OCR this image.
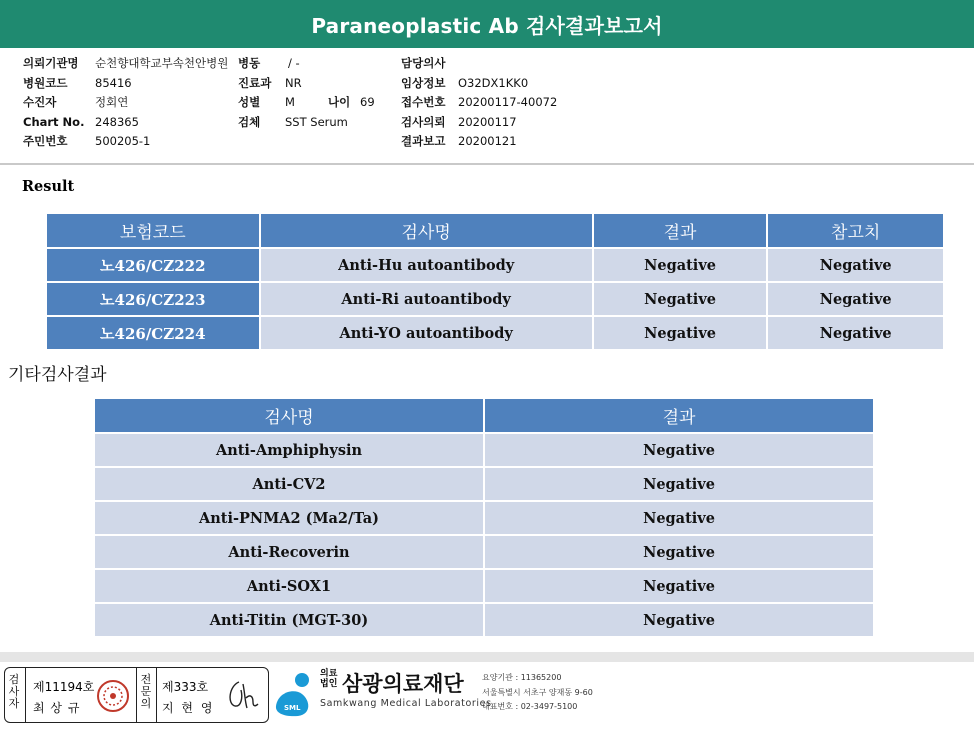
Paraneoplastic Ab 검사결과보고서
의뢰기관명 순천향대학교부속천안병원 병동 / -	담당의사
병원코드 85416	진료과 NR	임상정보 O32DX1KK0
수진자	정회연	성별 M	나이 69 접수번호 20200117-40072
Chart No. 248365	검체 SST Serum	검사의뢰 20200117
주민번호 500205-1	결과보고 20200121
Result
보험코드	검사명	결과	참고치
노426/CZ222	Anti-Hu autoantibody	Negative	Negative
노426/CZ223	Anti-Ri autoantibody	Negative	Negative
노426/CZ224	Anti-YO autoantibody	Negative	Negative
기타검사결과
검사명	결과
Anti-Amphiphysin	Negative
Anti-CV2	Negative
Anti-PNMA2 (Ma2/Ta)	Negative
Anti-Recoverin	Negative
Anti-SOX1	Negative
Anti-Titin (MGT-30)	Negative
검사자
제11194호
최 상 규
전문의
제333호
지 현 영	SML
의료법인 삼광의료재단
Samkwang Medical Laboratories
요양기관 : 11365200
서울특별시 서초구 양재동 9-60
대표번호 : 02-3497-5100
